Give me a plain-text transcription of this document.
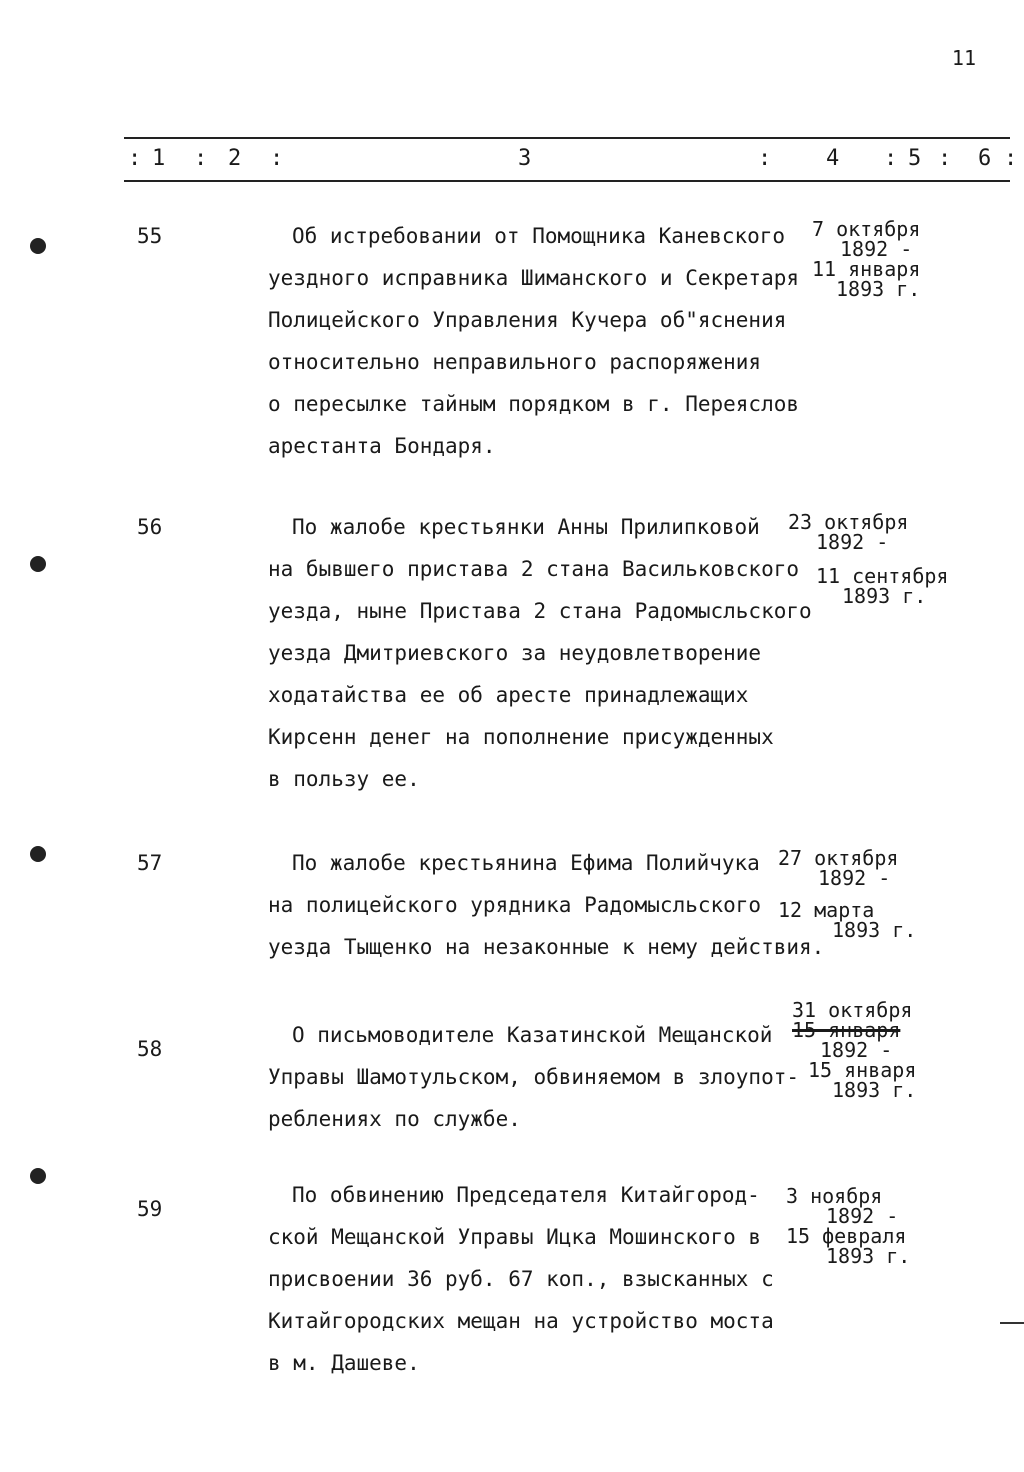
11
: 1 : 2 :	3	: 4 : 5 : 6 :
55	Об истребовании от Помощника Каневского
уездного исправника Шиманского и Секретаря
Полицейского Управления Кучера об"яснения
относительно неправильного распоряжения
о пересылке тайным порядком в г. Переяслов
арестанта Бондаря.
7 октября
1892 -
11 января
1893 г.
56	По жалобе крестьянки Анны Прилипковой
на бывшего пристава 2 стана Васильковского
уезда, ныне Пристава 2 стана Радомысльского
уезда Дмитриевского за неудовлетворение
ходатайства ее об аресте принадлежащих
Кирсенн денег на пополнение присужденных
в пользу ее.
23 октября
1892 -
11 сентября
1893 г.
57	По жалобе крестьянина Ефима Полийчука
на полицейского урядника Радомысльского
уезда Тыщенко на незаконные к нему действия.
27 октября
1892 -
12 марта
1893 г.
58
О письмоводителе Казатинской Мещанской
Управы Шамотульском, обвиняемом в злоупот-
реблениях по службе.
31 октября
15 января
1892 -
15 января
1893 г.
59
По обвинению Председателя Китайгород-
ской Мещанской Управы Ицка Мошинского в
присвоении 36 руб. 67 коп., взысканных с
Китайгородских мещан на устройство моста
в м. Дашеве.
3 ноября
1892 -
15 февраля
1893 г.
